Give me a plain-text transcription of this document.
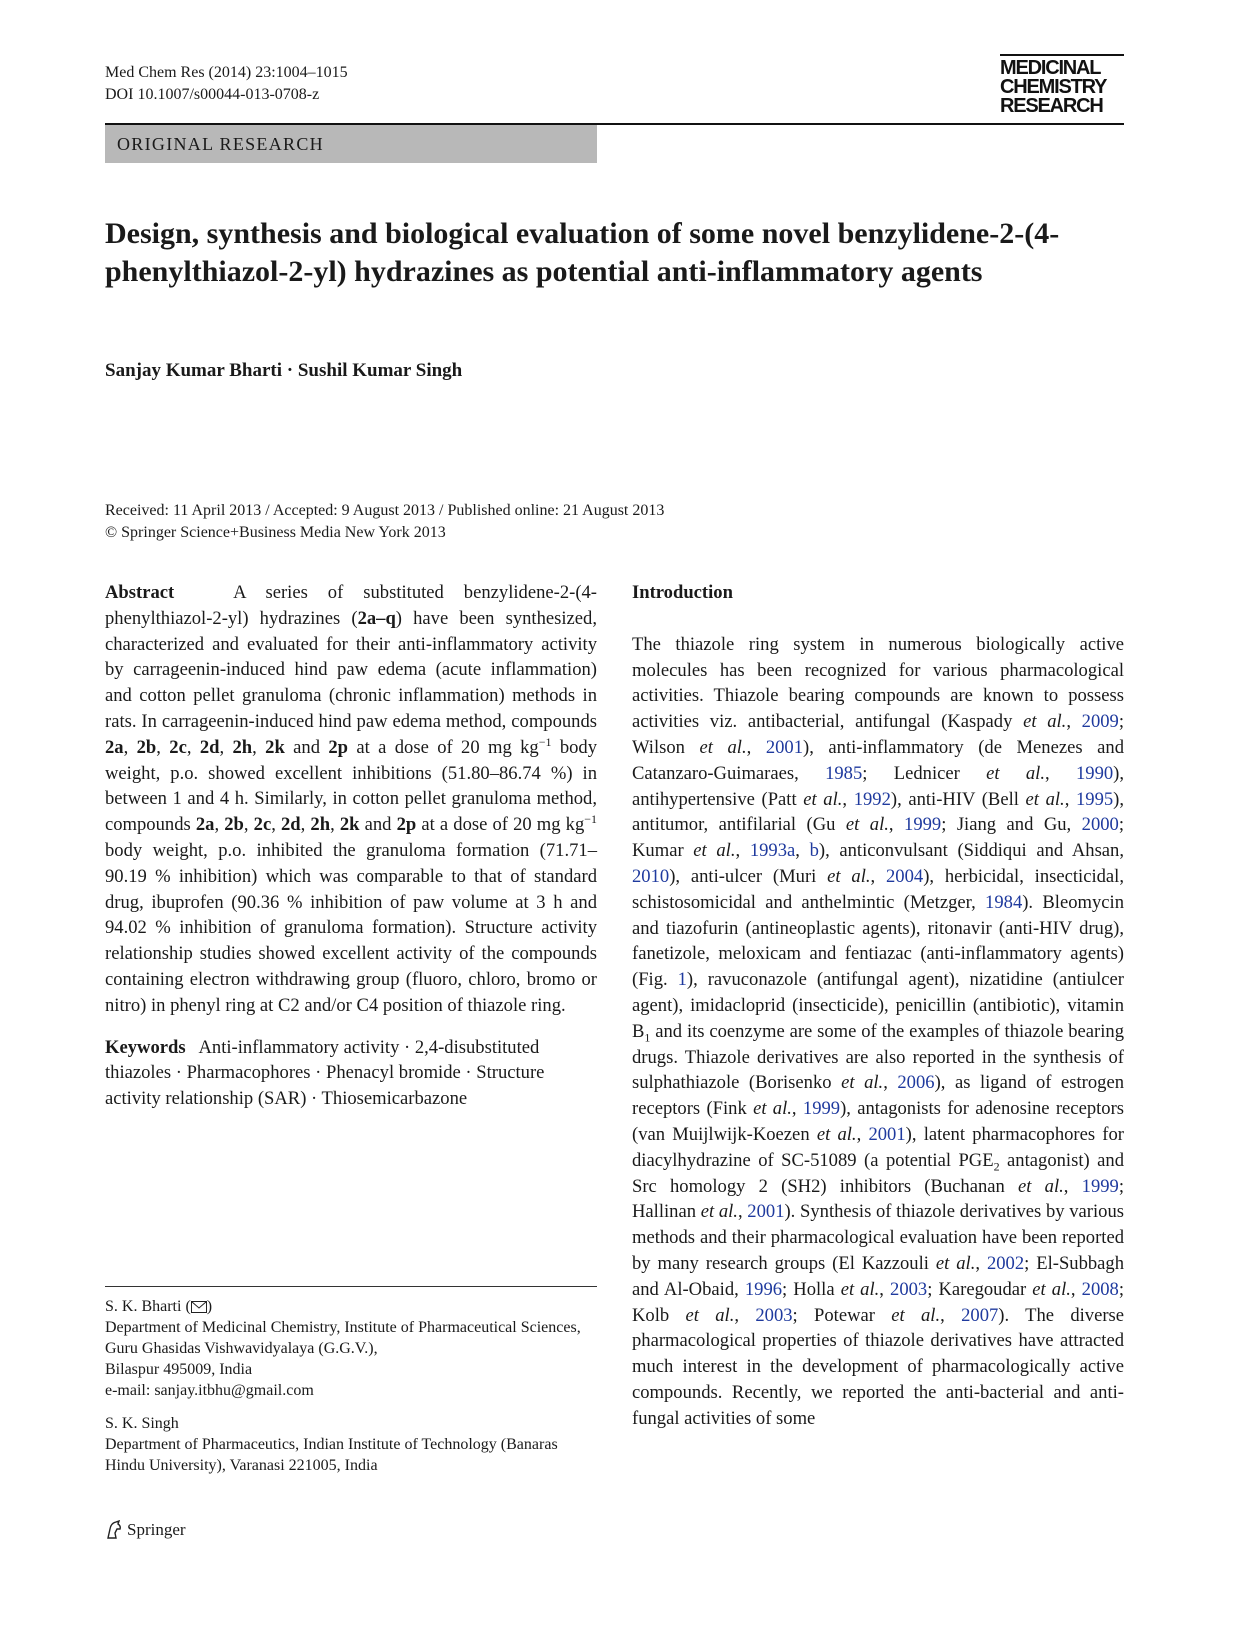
Med Chem Res (2014) 23:1004–1015
DOI 10.1007/s00044-013-0708-z
MEDICINAL
CHEMISTRY
RESEARCH
ORIGINAL RESEARCH
Design, synthesis and biological evaluation of some novel benzylidene-2-(4-phenylthiazol-2-yl) hydrazines as potential anti-inflammatory agents
Sanjay Kumar Bharti · Sushil Kumar Singh
Received: 11 April 2013 / Accepted: 9 August 2013 / Published online: 21 August 2013
© Springer Science+Business Media New York 2013
Abstract	A series of substituted benzylidene-2-(4-phenylthiazol-2-yl) hydrazines (2a–q) have been synthesized, characterized and evaluated for their anti-inflammatory activity by carrageenin-induced hind paw edema (acute inflammation) and cotton pellet granuloma (chronic inflammation) methods in rats. In carrageenin-induced hind paw edema method, compounds 2a, 2b, 2c, 2d, 2h, 2k and 2p at a dose of 20 mg $kg^{-1}$ body weight, p.o. showed excellent inhibitions (51.80–86.74 %) in between 1 and 4 h. Similarly, in cotton pellet granuloma method, compounds 2a, 2b, 2c, 2d, 2h, 2k and 2p at a dose of 20 mg $kg^{-1}$ body weight, p.o. inhibited the granuloma formation (71.71–90.19 % inhibition) which was comparable to that of standard drug, ibuprofen (90.36 % inhibition of paw volume at 3 h and 94.02 % inhibition of granuloma formation). Structure activity relationship studies showed excellent activity of the compounds containing electron withdrawing group (fluoro, chloro, bromo or nitro) in phenyl ring at C2 and/or C4 position of thiazole ring.
Keywords Anti-inflammatory activity · 2,4-disubstituted thiazoles · Pharmacophores · Phenacyl bromide · Structure activity relationship (SAR) · Thiosemicarbazone

S. K. Bharti ( )
Department of Medicinal Chemistry, Institute of Pharmaceutical Sciences, Guru Ghasidas Vishwavidyalaya (G.G.V.),
Bilaspur 495009, India
e-mail: sanjay.itbhu@gmail.com

S. K. Singh
Department of Pharmaceutics, Indian Institute of Technology (Banaras Hindu University), Varanasi 221005, India

Introduction
The thiazole ring system in numerous biologically active molecules has been recognized for various pharmacological activities. Thiazole bearing compounds are known to possess activities viz. antibacterial, antifungal (Kaspady et al., 2009; Wilson et al., 2001), anti-inflammatory (de Menezes and Catanzaro-Guimaraes, 1985; Lednicer et al., 1990), antihypertensive (Patt et al., 1992), anti-HIV (Bell et al., 1995), antitumor, antifilarial (Gu et al., 1999; Jiang and Gu, 2000; Kumar et al., 1993a, b), anticonvulsant (Siddiqui and Ahsan, 2010), anti-ulcer (Muri et al., 2004), herbicidal, insecticidal, schistosomicidal and anthelmintic (Metzger, 1984). Bleomycin and tiazofurin (antineoplastic agents), ritonavir (anti-HIV drug), fanetizole, meloxicam and fentiazac (anti-inflammatory agents) (Fig. 1), ravuconazole (antifungal agent), nizatidine (antiulcer agent), imidacloprid (insecticide), penicillin (antibiotic), vitamin $B_1$ and its coenzyme are some of the examples of thiazole bearing drugs. Thiazole derivatives are also reported in the synthesis of sulphathiazole (Borisenko et al., 2006), as ligand of estrogen receptors (Fink et al., 1999), antagonists for adenosine receptors (van Muijlwijk-Koezen et al., 2001), latent pharmacophores for diacylhydrazine of SC-51089 (a potential $PGE_2$ antagonist) and Src homology 2 (SH2) inhibitors (Buchanan et al., 1999; Hallinan et al., 2001). Synthesis of thiazole derivatives by various methods and their pharmacological evaluation have been reported by many research groups (El Kazzouli et al., 2002; El-Subbagh and Al-Obaid, 1996; Holla et al., 2003; Karegoudar et al., 2008; Kolb et al., 2003; Potewar et al., 2007). The diverse pharmacological properties of thiazole derivatives have attracted much interest in the development of pharmacologically active compounds. Recently, we reported the anti-bacterial and anti-fungal activities of some
Springer
